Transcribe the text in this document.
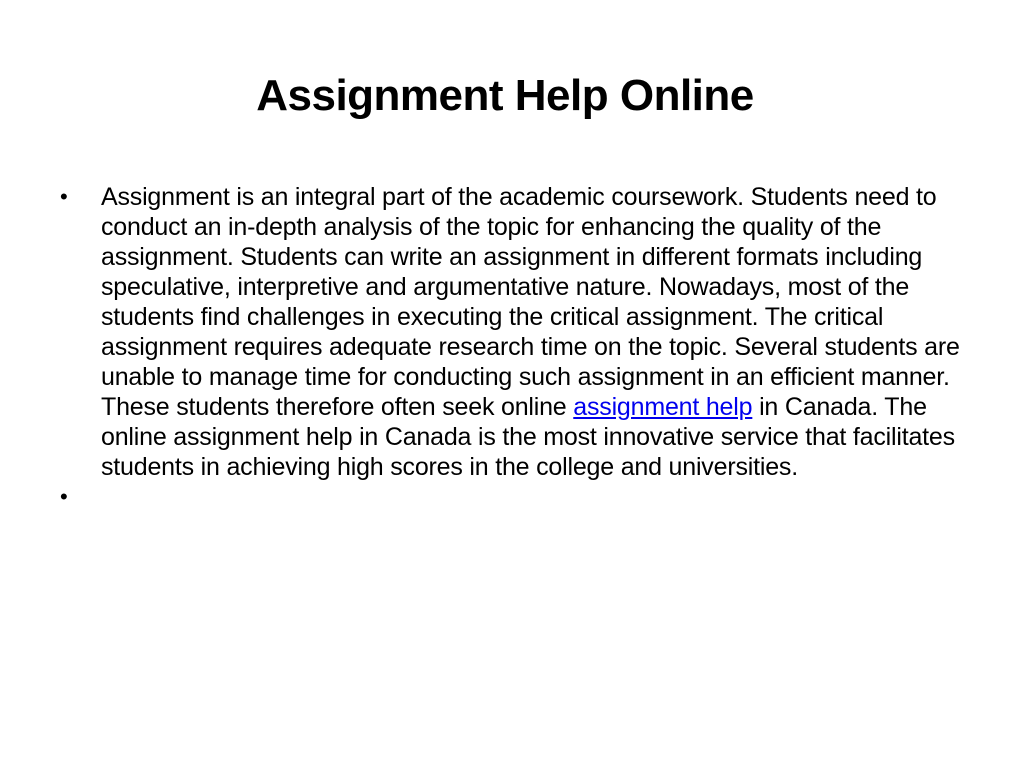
Assignment Help Online
•	Assignment is an integral part of the academic coursework. Students need to conduct an in-depth analysis of the topic for enhancing the quality of the assignment. Students can write an assignment in different formats including speculative, interpretive and argumentative nature. Nowadays, most of the students find challenges in executing the critical assignment. The critical assignment requires adequate research time on the topic. Several students are unable to manage time for conducting such assignment in an efficient manner. These students therefore often seek online assignment help in Canada. The online assignment help in Canada is the most innovative service that facilitates students in achieving high scores in the college and universities.
•
